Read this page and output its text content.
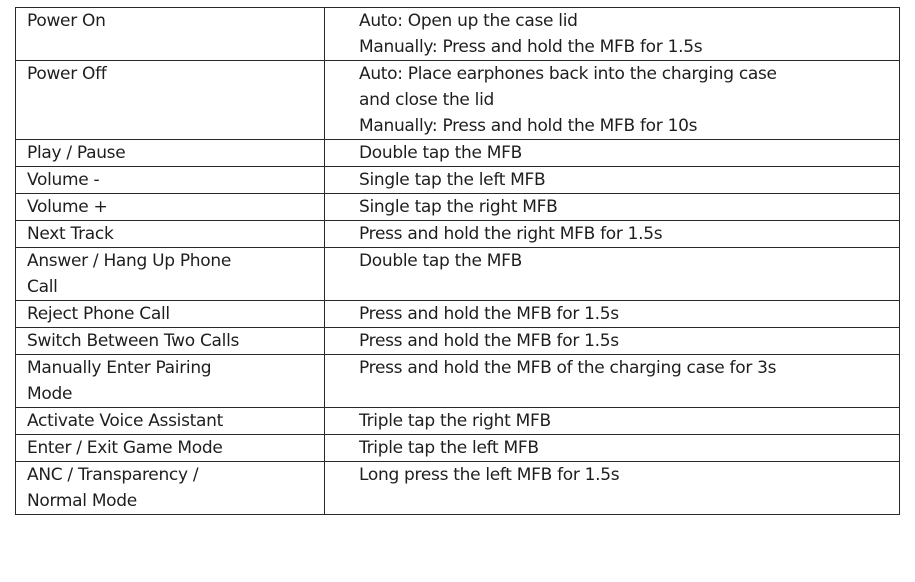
Power On	Auto: Open up the case lid
Manually: Press and hold the MFB for 1.5s

Power Off	Auto: Place earphones back into the charging case
and close the lid
Manually: Press and hold the MFB for 10s

Play / Pause	Double tap the MFB

Volume -	Single tap the left MFB

Volume +	Single tap the right MFB

Next Track	Press and hold the right MFB for 1.5s

Answer / Hang Up Phone
Call	Double tap the MFB

Reject Phone Call	Press and hold the MFB for 1.5s

Switch Between Two Calls	Press and hold the MFB for 1.5s

Manually Enter Pairing
Mode	Press and hold the MFB of the charging case for 3s

Activate Voice Assistant	Triple tap the right MFB

Enter / Exit Game Mode	Triple tap the left MFB

ANC / Transparency /
Normal Mode	Long press the left MFB for 1.5s
